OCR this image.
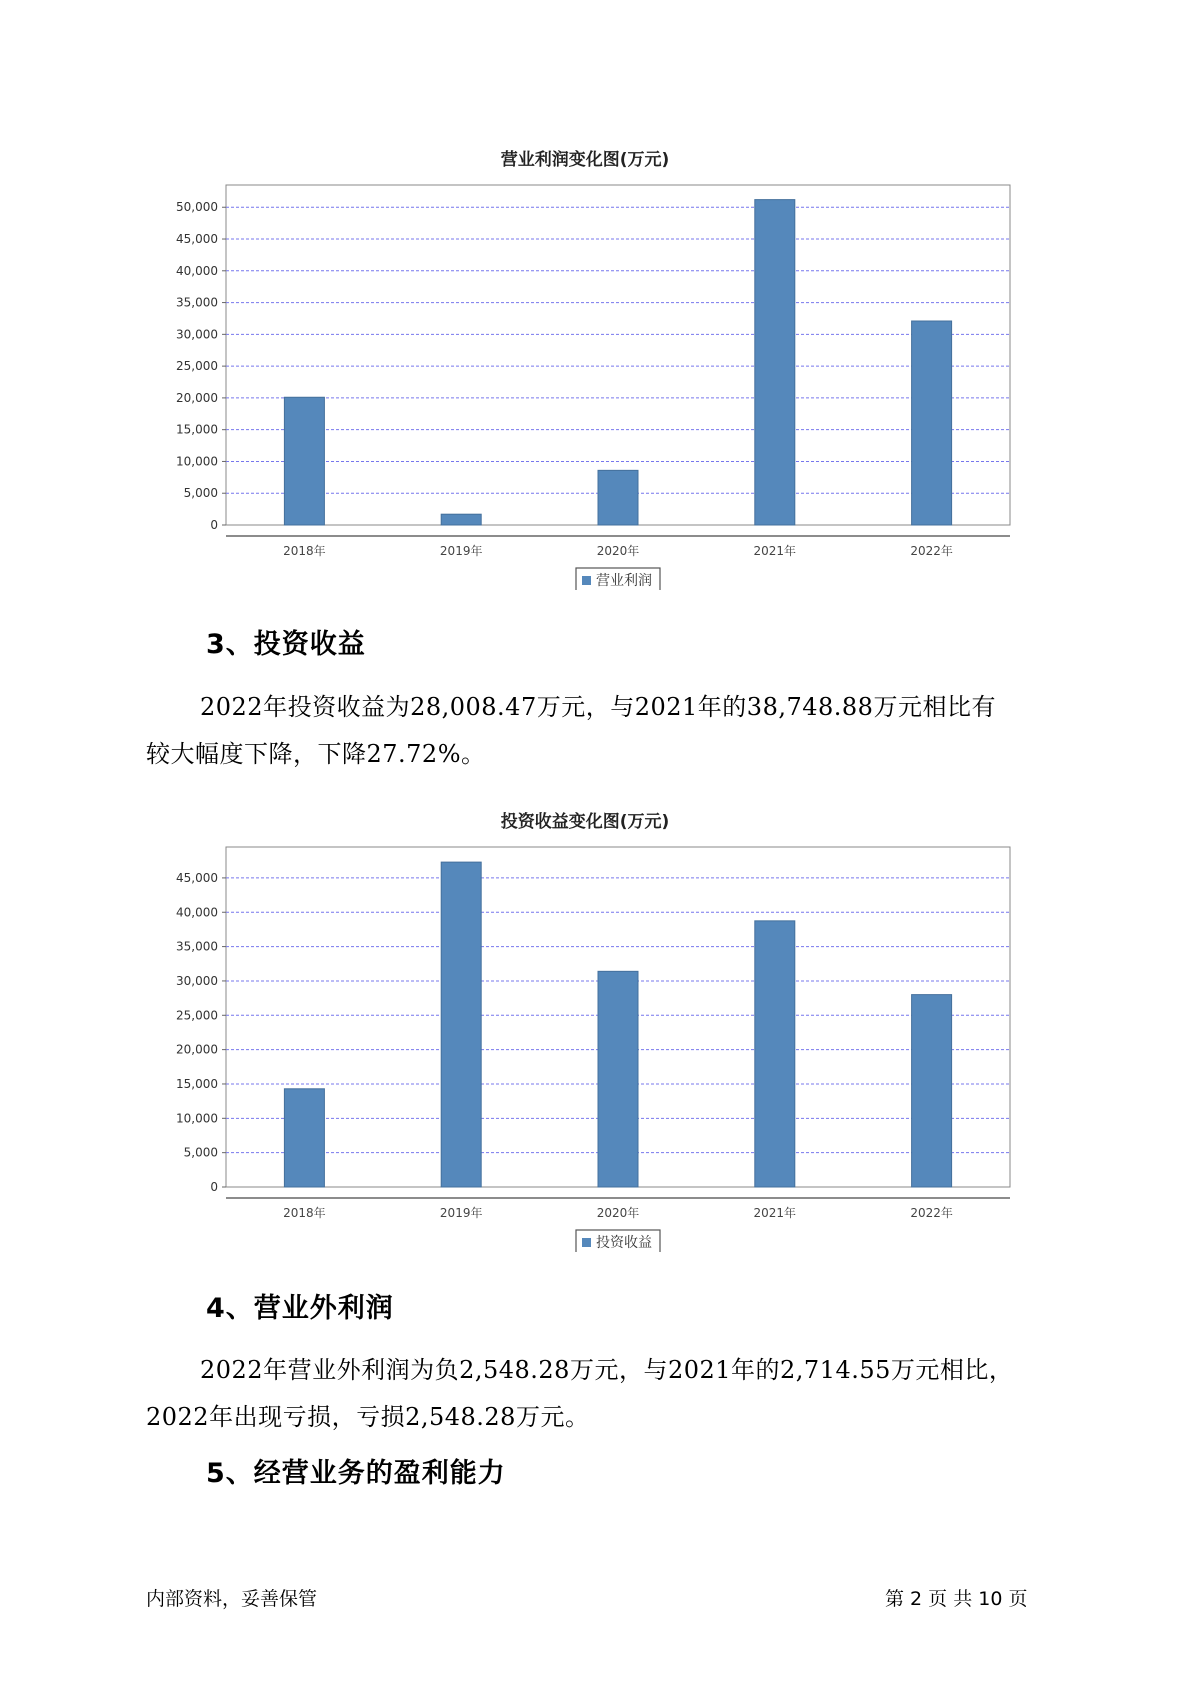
营业利润变化图(万元)
0
5,000
10,000
15,000
20,000
25,000
30,000
35,000
40,000
45,000
50,000
2018年	2019年	2020年	2021年	2022年
营业利润
3、投资收益
2022年投资收益为28,008.47万元，与2021年的38,748.88万元相比有
较大幅度下降，下降27.72%。
投资收益变化图(万元)
0
5,000
10,000
15,000
20,000
25,000
30,000
35,000
40,000
45,000
2018年	2019年	2020年	2021年	2022年
投资收益
4、营业外利润
2022年营业外利润为负2,548.28万元，与2021年的2,714.55万元相比，
2022年出现亏损，亏损2,548.28万元。
5、经营业务的盈利能力
内部资料，妥善保管	第 2 页 共 10 页
